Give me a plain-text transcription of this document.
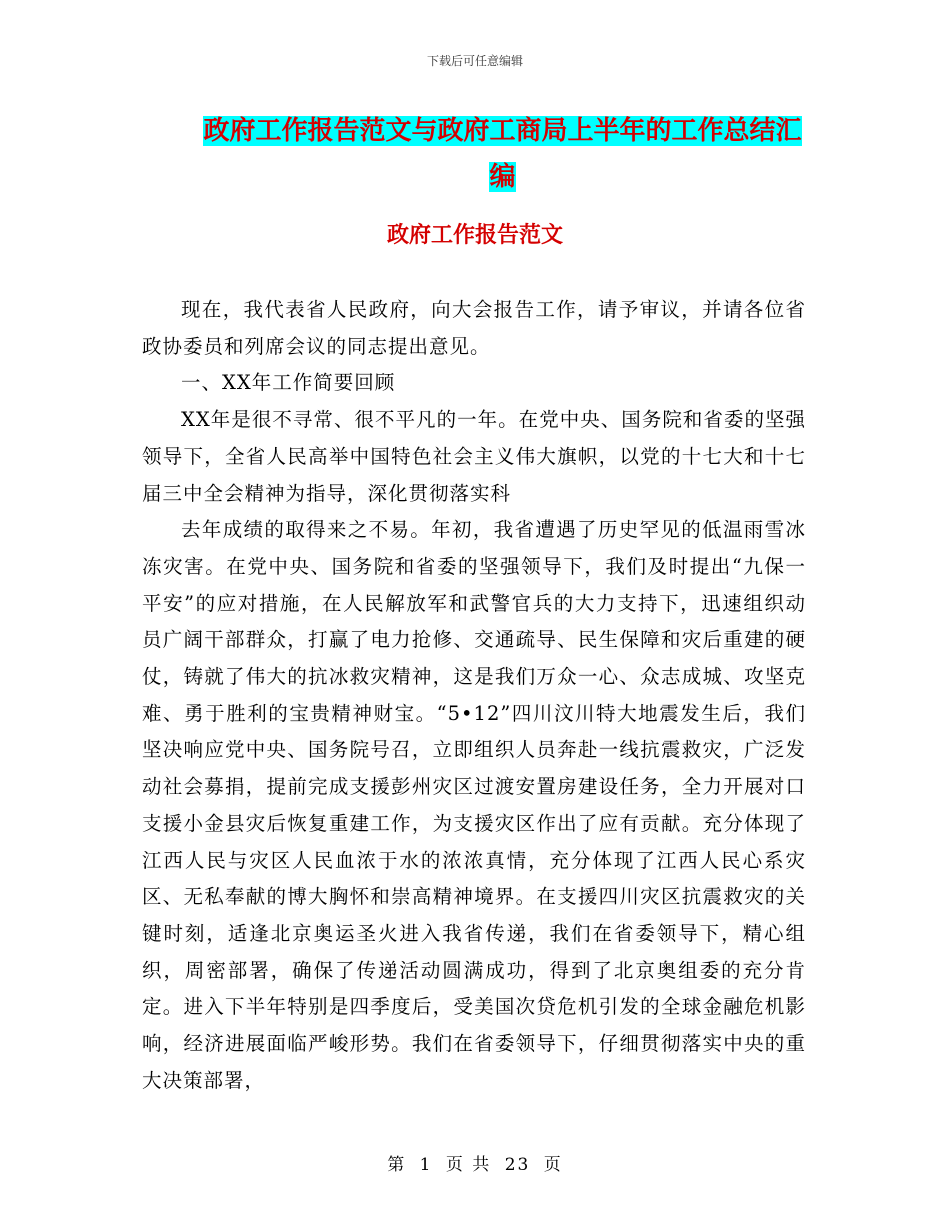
下载后可任意编辑
政府工作报告范文与政府工商局上半年的工作总结汇
编
政府工作报告范文

现在，我代表省人民政府，向大会报告工作，请予审议，并请各位省政协委员和列席会议的同志提出意见。

一、XX年工作简要回顾

XX年是很不寻常、很不平凡的一年。在党中央、国务院和省委的坚强领导下，全省人民高举中国特色社会主义伟大旗帜，以党的十七大和十七届三中全会精神为指导，深化贯彻落实科

去年成绩的取得来之不易。年初，我省遭遇了历史罕见的低温雨雪冰冻灾害。在党中央、国务院和省委的坚强领导下，我们及时提出“九保一平安”的应对措施，在人民解放军和武警官兵的大力支持下，迅速组织动员广阔干部群众，打赢了电力抢修、交通疏导、民生保障和灾后重建的硬仗，铸就了伟大的抗冰救灾精神，这是我们万众一心、众志成城、攻坚克难、勇于胜利的宝贵精神财宝。“5•12”四川汶川特大地震发生后，我们坚决响应党中央、国务院号召，立即组织人员奔赴一线抗震救灾，广泛发动社会募捐，提前完成支援彭州灾区过渡安置房建设任务，全力开展对口支援小金县灾后恢复重建工作，为支援灾区作出了应有贡献。充分体现了江西人民与灾区人民血浓于水的浓浓真情，充分体现了江西人民心系灾区、无私奉献的博大胸怀和崇高精神境界。在支援四川灾区抗震救灾的关键时刻，适逢北京奥运圣火进入我省传递，我们在省委领导下，精心组织，周密部署，确保了传递活动圆满成功，得到了北京奥组委的充分肯定。进入下半年特别是四季度后，受美国次贷危机引发的全球金融危机影响，经济进展面临严峻形势。我们在省委领导下，仔细贯彻落实中央的重大决策部署，

第 1 页 共 23 页
